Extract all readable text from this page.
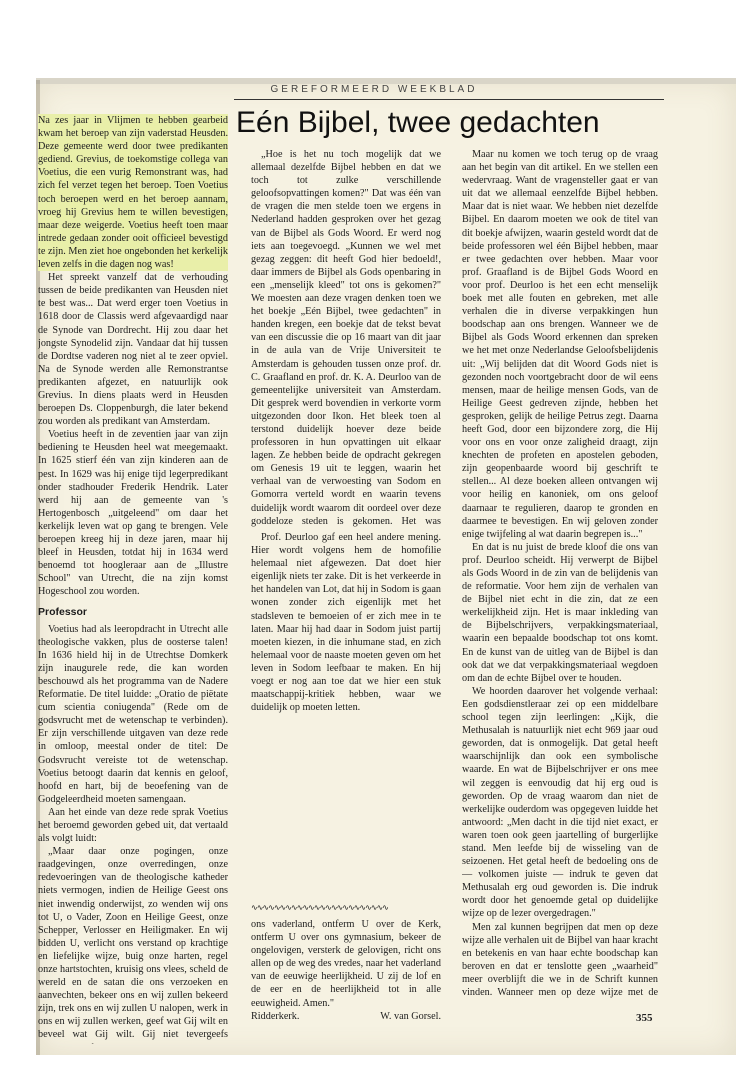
GEREFORMEERD WEEKBLAD
Eén Bijbel, twee gedachten

Na zes jaar in Vlijmen te hebben gearbeid kwam het beroep van zijn vaderstad Heusden. Deze gemeente werd door twee predikanten gediend. Grevius, de toekomstige collega van Voetius, die een vurig Remonstrant was, had zich fel verzet tegen het beroep. Toen Voetius toch beroepen werd en het beroep aannam, vroeg hij Grevius hem te willen bevestigen, maar deze weigerde. Voetius heeft toen maar intrede gedaan zonder ooit officieel bevestigd te zijn. Men ziet hoe ongebonden het kerkelijk leven zelfs in die dagen nog was!

Het spreekt vanzelf dat de verhouding tussen de beide predikanten van Heusden niet te best was... Dat werd erger toen Voetius in 1618 door de Classis werd afgevaardigd naar de Synode van Dordrecht. Hij zou daar het jongste Synodelid zijn. Vandaar dat hij tussen de Dordtse vaderen nog niet al te zeer opviel. Na de Synode werden alle Remonstrantse predikanten afgezet, en natuurlijk ook Grevius. In diens plaats werd in Heusden beroepen Ds. Cloppenburgh, die later bekend zou worden als predikant van Amsterdam.

Voetius heeft in de zeventien jaar van zijn bediening te Heusden heel wat meegemaakt. In 1625 stierf één van zijn kinderen aan de pest. In 1629 was hij enige tijd legerpredikant onder stadhouder Frederik Hendrik. Later werd hij aan de gemeente van 's Hertogenbosch „uitgeleend" om daar het kerkelijk leven wat op gang te brengen. Vele beroepen kreeg hij in deze jaren, maar hij bleef in Heusden, totdat hij in 1634 werd benoemd tot hoogleraar aan de „Illustre School" van Utrecht, die na zijn komst Hogeschool zou worden.

Professor

Voetius had als leeropdracht in Utrecht alle theologische vakken, plus de oosterse talen! In 1636 hield hij in de Utrechtse Domkerk zijn inaugurele rede, die kan worden beschouwd als het programma van de Nadere Reformatie. De titel luidde: „Oratio de piëtate cum scientia coniugenda" (Rede om de godsvrucht met de wetenschap te verbinden). Er zijn verschillende uitgaven van deze rede in omloop, meestal onder de titel: De Godsvrucht vereiste tot de wetenschap. Voetius betoogt daarin dat kennis en geloof, hoofd en hart, bij de beoefening van de Godgeleerdheid moeten samengaan.

Aan het einde van deze rede sprak Voetius het beroemd geworden gebed uit, dat vertaald als volgt luidt:

„Maar daar onze pogingen, onze raadgevingen, onze overredingen, onze redevoeringen van de theologische katheder niets vermogen, indien de Heilige Geest ons niet inwendig onderwijst, zo wenden wij ons tot U, o Vader, Zoon en Heilige Geest, onze Schepper, Verlosser en Heiligmaker. En wij bidden U, verlicht ons verstand op krachtige en liefelijke wijze, buig onze harten, regel onze hartstochten, kruisig ons vlees, scheld de wereld en de satan die ons verzoeken en aanvechten, bekeer ons en wij zullen bekeerd zijn, trek ons en wij zullen U nalopen, werk in ons en wij zullen werken, geef wat Gij wilt en beveel wat Gij wilt. Gij niet tevergeefs

„Hoe is het nu toch mogelijk dat we allemaal dezelfde Bijbel hebben en dat we toch tot zulke verschillende geloofsopvattingen komen?" Dat was één van de vragen die men stelde toen we ergens in Nederland hadden gesproken over het gezag van de Bijbel als Gods Woord. Er werd nog iets aan toegevoegd. „Kunnen we wel met gezag zeggen: dit heeft God hier bedoeld!, daar immers de Bijbel als Gods openbaring in een „menselijk kleed" tot ons is gekomen?" We moesten aan deze vragen denken toen we het boekje „Eén Bijbel, twee gedachten" in handen kregen, een boekje dat de tekst bevat van een discussie die op 16 maart van dit jaar in de aula van de Vrije Universiteit te Amsterdam is gehouden tussen onze prof. dr. C. Graafland en prof. dr. K. A. Deurloo van de gemeentelijke universiteit van Amsterdam. Dit gesprek werd bovendien in verkorte vorm uitgezonden door Ikon. Het bleek toen al terstond duidelijk hoever deze beide professoren in hun opvattingen uit elkaar lagen. Ze hebben beide de opdracht gekregen om Genesis 19 uit te leggen, waarin het verhaal van de verwoesting van Sodom en Gomorra verteld wordt en waarin tevens duidelijk wordt waarom dit oordeel over deze goddeloze steden is gekomen. Het was

Prof. Deurloo gaf een heel andere mening. Hier wordt volgens hem de homofilie helemaal niet afgewezen. Dat doet hier eigenlijk niets ter zake. Dit is het verkeerde in het handelen van Lot, dat hij in Sodom is gaan wonen zonder zich eigenlijk met het stadsleven te bemoeien of er zich mee in te laten. Maar hij had daar in Sodom juist partij moeten kiezen, in die inhumane stad, en zich helemaal voor de naaste moeten geven om het leven in Sodom leefbaar te maken. En hij voegt er nog aan toe dat we hier een stuk maatschappij-kritiek hebben, waar we duidelijk op moeten letten.

∿∿∿∿∿∿∿∿∿∿∿∿∿∿∿∿∿∿∿∿∿∿∿∿

ons vaderland, ontferm U over de Kerk, ontferm U over ons gymnasium, bekeer de ongelovigen, versterk de gelovigen, richt ons allen op de weg des vredes, naar het vaderland van de eeuwige heerlijkheid. U zij de lof en de eer en de heerlijkheid tot in alle eeuwigheid. Amen."

Ridderkerk.	W. van Gorsel.

Maar nu komen we toch terug op de vraag aan het begin van dit artikel. En we stellen een wedervraag. Want de vragensteller gaat er van uit dat we allemaal eenzelfde Bijbel hebben. Maar dat is niet waar. We hebben niet dezelfde Bijbel. En daarom moeten we ook de titel van dit boekje afwijzen, waarin gesteld wordt dat de beide professoren wel één Bijbel hebben, maar er twee gedachten over hebben. Maar voor prof. Graafland is de Bijbel Gods Woord en voor prof. Deurloo is het een echt menselijk boek met alle fouten en gebreken, met alle verhalen die in diverse verpakkingen hun boodschap aan ons brengen. Wanneer we de Bijbel als Gods Woord erkennen dan spreken we het met onze Nederlandse Geloofsbelijdenis uit: „Wij belijden dat dit Woord Gods niet is gezonden noch voortgebracht door de wil eens mensen, maar de heilige mensen Gods, van de Heilige Geest gedreven zijnde, hebben het gesproken, gelijk de heilige Petrus zegt. Daarna heeft God, door een bijzondere zorg, die Hij voor ons en voor onze zaligheid draagt, zijn knechten de profeten en apostelen geboden, zijn geopenbaarde woord bij geschrift te stellen... Al deze boeken alleen ontvangen wij voor heilig en kanoniek, om ons geloof daarnaar te regulieren, daarop te gronden en daarmee te bevestigen. En wij geloven zonder enige twijfeling al wat daarin begrepen is..."

En dat is nu juist de brede kloof die ons van prof. Deurloo scheidt. Hij verwerpt de Bijbel als Gods Woord in de zin van de belijdenis van de reformatie. Voor hem zijn de verhalen van de Bijbel niet echt in die zin, dat ze een werkelijkheid zijn. Het is maar inkleding van de Bijbelschrijvers, verpakkingsmateriaal, waarin een bepaalde boodschap tot ons komt. En de kunst van de uitleg van de Bijbel is dan ook dat we dat verpakkingsmateriaal wegdoen om dan de echte Bijbel over te houden.

We hoorden daarover het volgende verhaal: Een godsdienstleraar zei op een middelbare school tegen zijn leerlingen: „Kijk, die Methusalah is natuurlijk niet echt 969 jaar oud geworden, dat is onmogelijk. Dat getal heeft waarschijnlijk dan ook een symbolische waarde. En wat de Bijbelschrijver er ons mee wil zeggen is eenvoudig dat hij erg oud is geworden. Op de vraag waarom dan niet de werkelijke ouderdom was opgegeven luidde het antwoord: „Men dacht in die tijd niet exact, er waren toen ook geen jaartelling of burgerlijke stand. Men leefde bij de wisseling van de seizoenen. Het getal heeft de bedoeling ons de — volkomen juiste — indruk te geven dat Methusalah erg oud geworden is. Die indruk wordt door het genoemde getal op duidelijke wijze op de lezer overgedragen."

Men zal kunnen begrijpen dat men op deze wijze alle verhalen uit de Bijbel van haar kracht en betekenis en van haar echte boodschap kan beroven en dat er tenslotte geen „waarheid" meer overblijft die we in de Schrift kunnen vinden. Wanneer men op deze wijze met de

355
